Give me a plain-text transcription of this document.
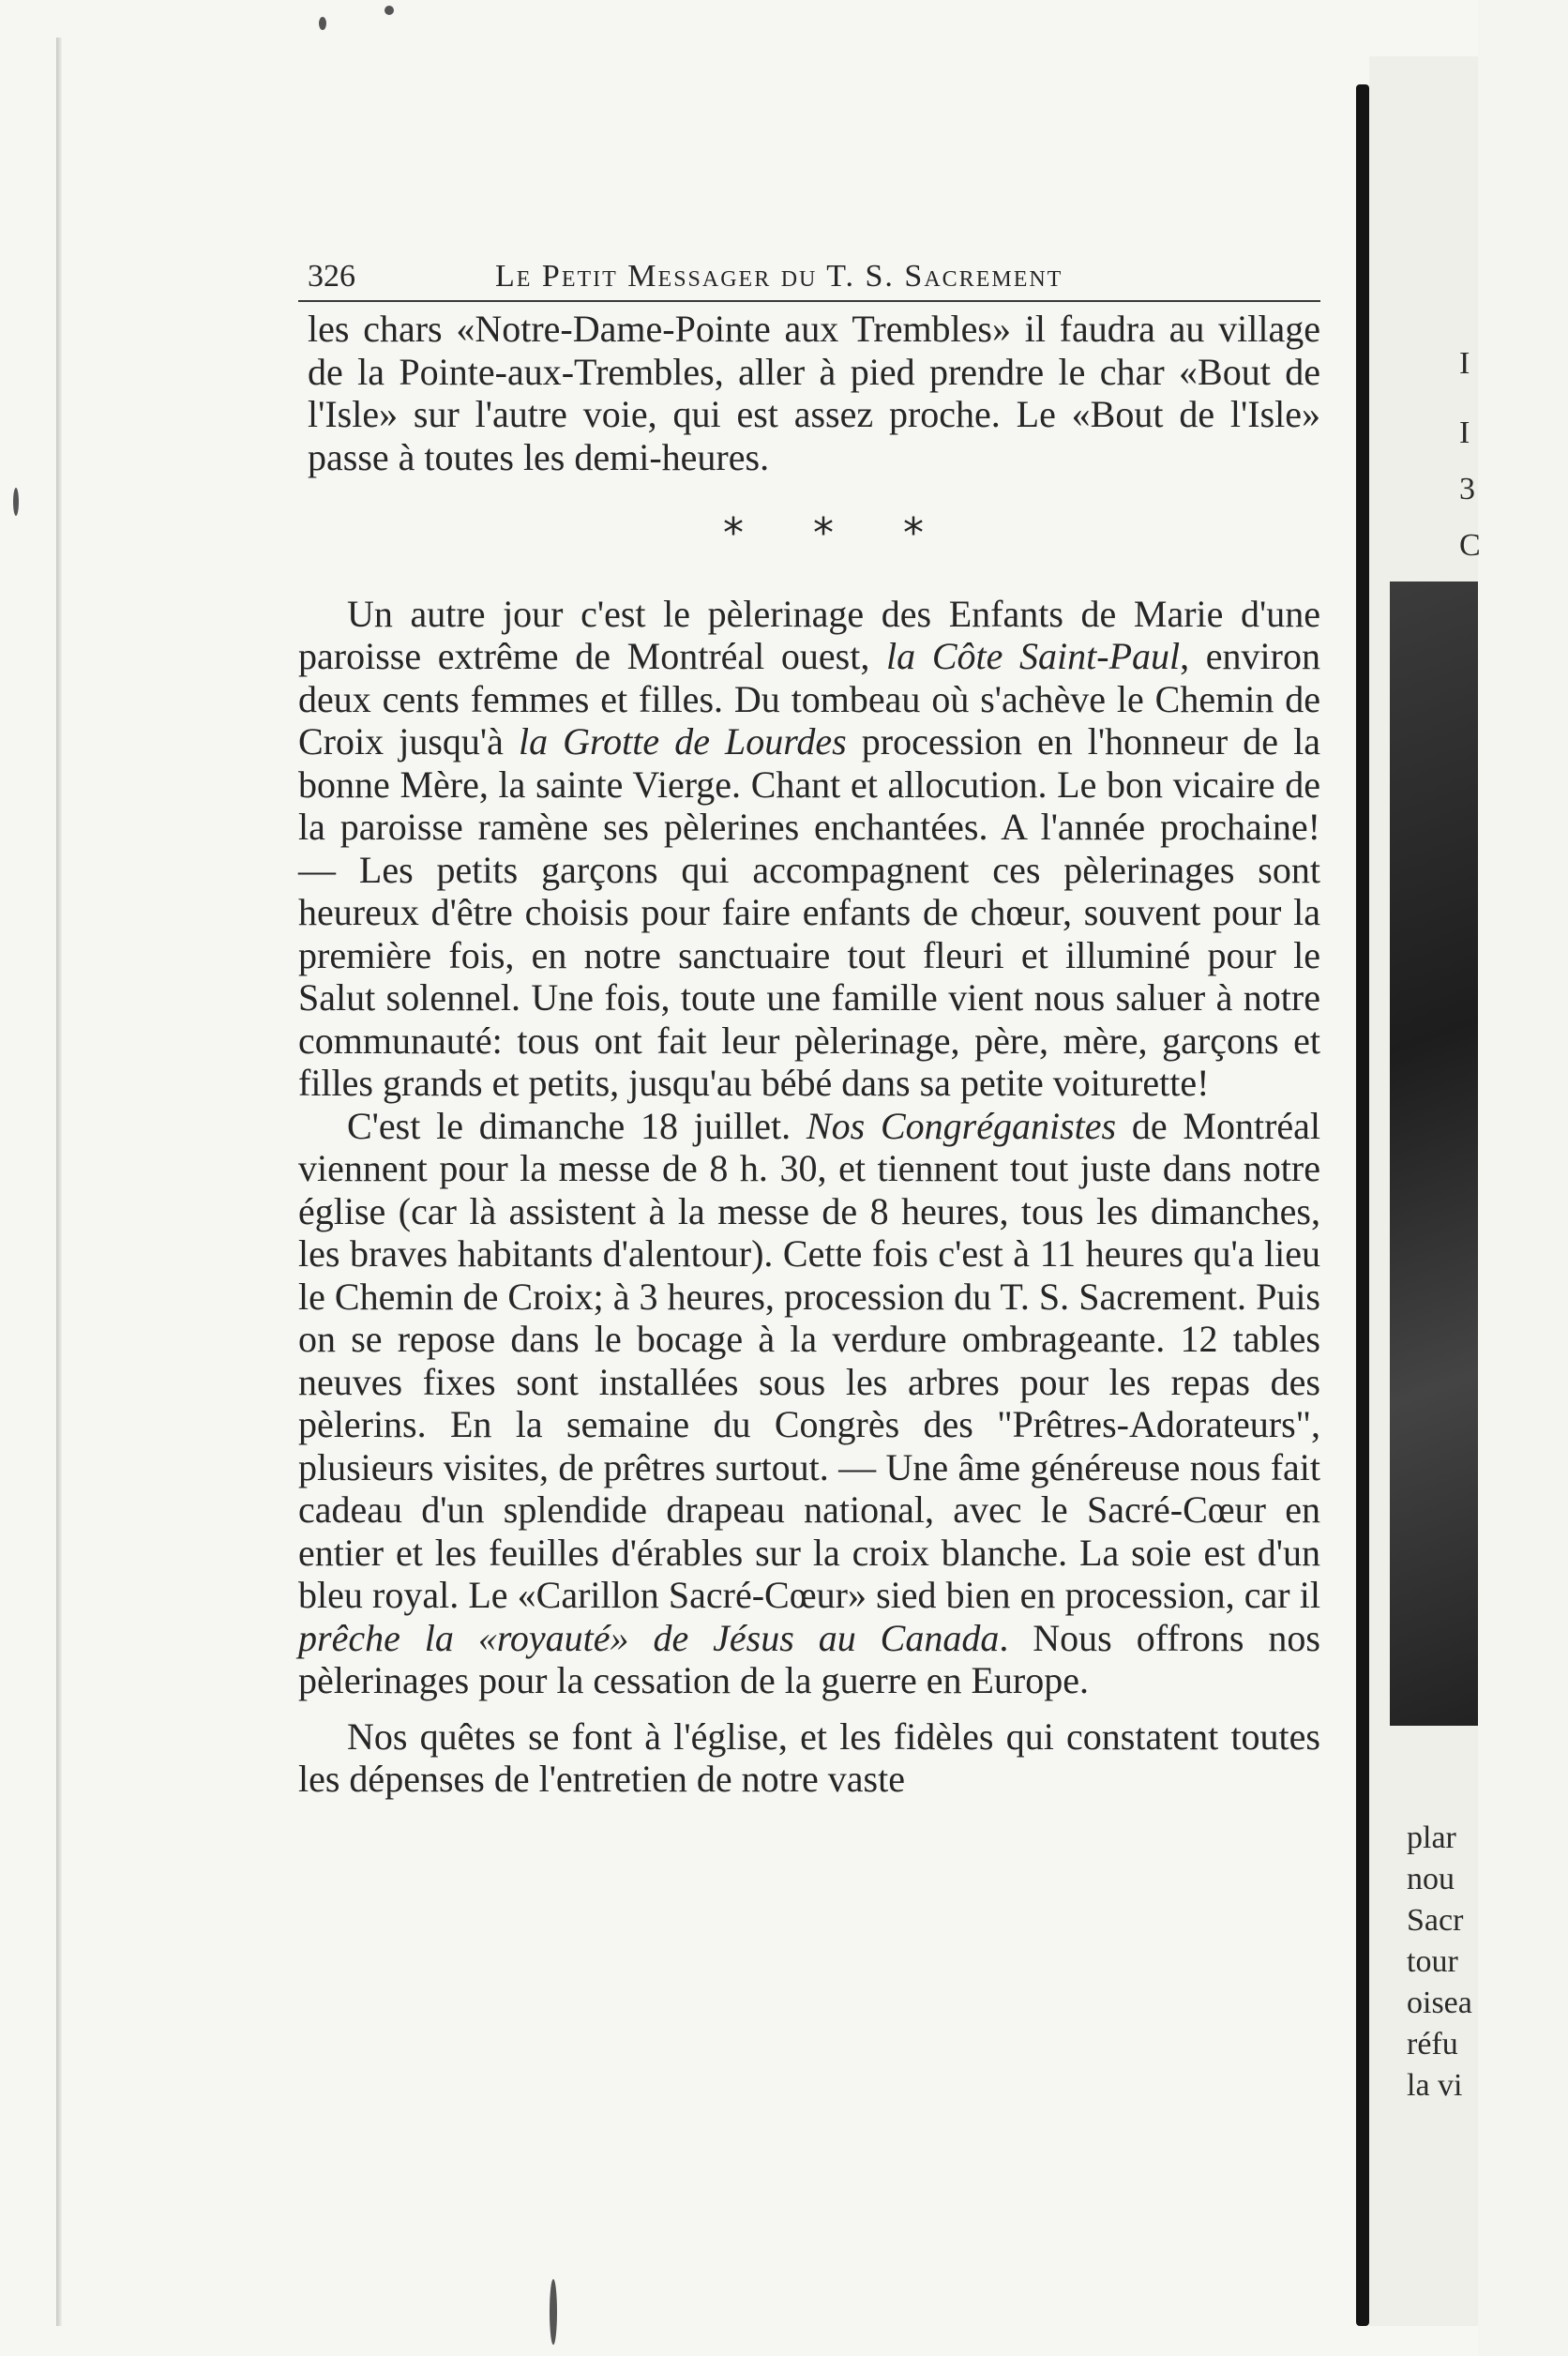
I
I
3
C
plar
nou
Sacr
tour
oisea
réfu
la vi
326	Le Petit Messager du T. S. Sacrement

les chars «Notre-Dame-Pointe aux Trembles» il faudra au village de la Pointe-aux-Trembles, aller à pied prendre le char «Bout de l'Isle» sur l'autre voie, qui est assez proche. Le «Bout de l'Isle» passe à toutes les demi-heures.

* * *

Un autre jour c'est le pèlerinage des Enfants de Marie d'une paroisse extrême de Montréal ouest, la Côte Saint-Paul, environ deux cents femmes et filles. Du tombeau où s'achève le Chemin de Croix jusqu'à la Grotte de Lourdes procession en l'honneur de la bonne Mère, la sainte Vierge. Chant et allocution. Le bon vicaire de la paroisse ramène ses pèlerines enchantées. A l'année prochaine! — Les petits garçons qui accompagnent ces pèlerinages sont heureux d'être choisis pour faire enfants de chœur, souvent pour la première fois, en notre sanctuaire tout fleuri et illuminé pour le Salut solennel. Une fois, toute une famille vient nous saluer à notre communauté: tous ont fait leur pèlerinage, père, mère, garçons et filles grands et petits, jusqu'au bébé dans sa petite voiturette!

C'est le dimanche 18 juillet. Nos Congréganistes de Montréal viennent pour la messe de 8 h. 30, et tiennent tout juste dans notre église (car là assistent à la messe de 8 heures, tous les dimanches, les braves habitants d'alentour). Cette fois c'est à 11 heures qu'a lieu le Chemin de Croix; à 3 heures, procession du T. S. Sacrement. Puis on se repose dans le bocage à la verdure ombrageante. 12 tables neuves fixes sont installées sous les arbres pour les repas des pèlerins. En la semaine du Congrès des "Prêtres-Adorateurs", plusieurs visites, de prêtres surtout. — Une âme généreuse nous fait cadeau d'un splendide drapeau national, avec le Sacré-Cœur en entier et les feuilles d'érables sur la croix blanche. La soie est d'un bleu royal. Le «Carillon Sacré-Cœur» sied bien en procession, car il prêche la «royauté» de Jésus au Canada. Nous offrons nos pèlerinages pour la cessation de la guerre en Europe.

Nos quêtes se font à l'église, et les fidèles qui constatent toutes les dépenses de l'entretien de notre vaste
